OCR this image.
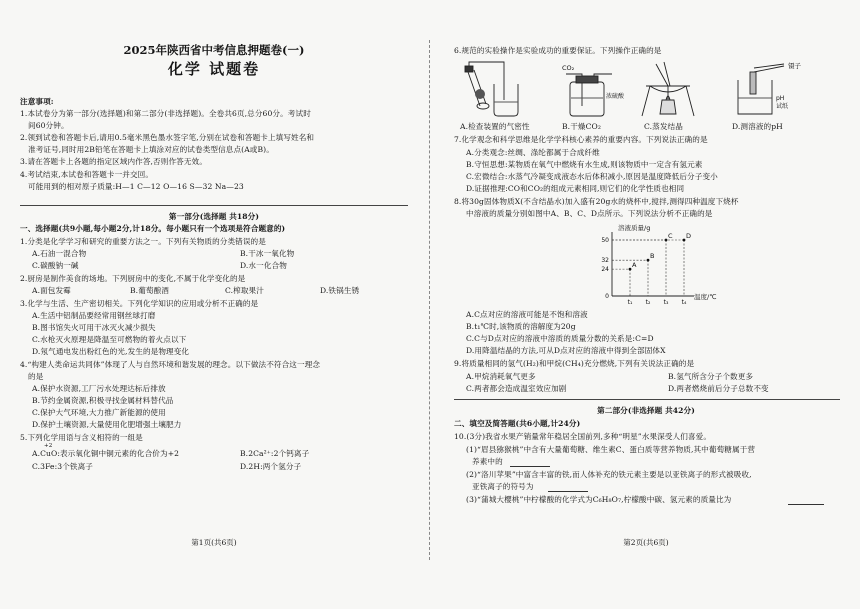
2025年陕西省中考信息押题卷(一)
化学 试题卷
注意事项:
1.本试卷分为第一部分(选择题)和第二部分(非选择题)。全卷共6页,总分60分。考试时
间60分钟。
2.领到试卷和答题卡后,请用0.5毫米黑色墨水签字笔,分别在试卷和答题卡上填写姓名和
准考证号,同时用2B铅笔在答题卡上填涂对应的试卷类型信息点(A或B)。
3.请在答题卡上各题的指定区域内作答,否则作答无效。
4.考试结束,本试卷和答题卡一并交回。
可能用到的相对原子质量:H—1 C—12 O—16 S—32 Na—23
第一部分(选择题 共18分)
一、选择题(共9小题,每小题2分,计18分。每小题只有一个选项是符合题意的)
1.分类是化学学习和研究的重要方法之一。下列有关物质的分类错误的是
A.石油一混合物	B.干冰一氧化物
C.碳酸钠一碱	D.水一化合物
2.厨房是制作美食的场地。下列厨房中的变化,不属于化学变化的是
A.面包发霉	B.葡萄酿酒	C.榨取果汁	D.铁锅生锈
3.化学与生活、生产密切相关。下列化学知识的应用或分析不正确的是
A.生活中铝制品要经常用钢丝球打磨
B.图书馆失火可用干冰灭火减少损失
C.水枪灭火原理是降温至可燃物的着火点以下
D.氖气通电发出粉红色的光,发生的是物理变化
4.“构建人类命运共同体”体现了人与自然环境和谐发展的理念。以下做法不符合这一理念
的是
A.保护水资源,工厂污水处理达标后排放
B.节约金属资源,积极寻找金属材料替代品
C.保护大气环境,大力推广新能源的使用
D.保护土壤资源,大量使用化肥增强土壤肥力
5.下列化学用语与含义相符的一组是
+2
A.CuO:表示氧化铜中铜元素的化合价为+2	B.2Ca²⁺:2个钙离子
C.3Fe:3个铁离子	D.2H:两个氢分子
第1页(共6页)
6.规范的实验操作是实验成功的重要保证。下列操作正确的是
CO₂
浓硫酸
镊子
pH
试纸
A.检查装置的气密性	B.干燥CO₂	C.蒸发结晶	D.测溶液的pH
7.化学观念和科学思维是化学学科核心素养的重要内容。下列说法正确的是
A.分类观念:丝绸、涤纶都属于合成纤维
B.守恒思想:某物质在氧气中燃烧有水生成,则该物质中一定含有氢元素
C.宏微结合:水蒸气冷凝变成液态水后体积减小,原因是温度降低后分子变小
D.证据推理:CO和CO₂的组成元素相同,则它们的化学性质也相同
8.将30g固体物质X(不含结晶水)加入盛有20g水的烧杯中,搅拌,测得四种温度下烧杯
中溶液的质量分别如图中A、B、C、D点所示。下列说法分析不正确的是
溶液质量/g
温度/℃
50
32
24
0
t₁ t₂ t₃ t₄
A
B
C D
A.C点对应的溶液可能是不饱和溶液
B.t₁℃时,该物质的溶解度为20g
C.C与D点对应的溶液中溶质的质量分数的关系是:C=D
D.用降温结晶的方法,可从D点对应的溶液中得到全部固体X
9.将质量相同的氢气(H₂)和甲烷(CH₄)充分燃烧,下列有关说法正确的是
A.甲烷消耗氧气更多	B.氢气所含分子个数更多
C.两者都会造成温室效应加剧	D.两者燃烧前后分子总数不变
第二部分(非选择题 共42分)
二、填空及简答题(共6小题,计24分)
10.(3分)我省水果产销量常年稳居全国前列,多种“明星”水果深受人们喜爱。
(1)“眉县猕猴桃”中含有大量葡萄糖、维生素C、蛋白质等营养物质,其中葡萄糖属于营
养素中的
(2)“洛川苹果”中富含丰富的铁,而人体补充的铁元素主要是以亚铁离子的形式被吸收,
亚铁离子的符号为
(3)“蒲城大樱桃”中柠檬酸的化学式为C₆H₈O₇,柠檬酸中碳、氢元素的质量比为
第2页(共6页)
